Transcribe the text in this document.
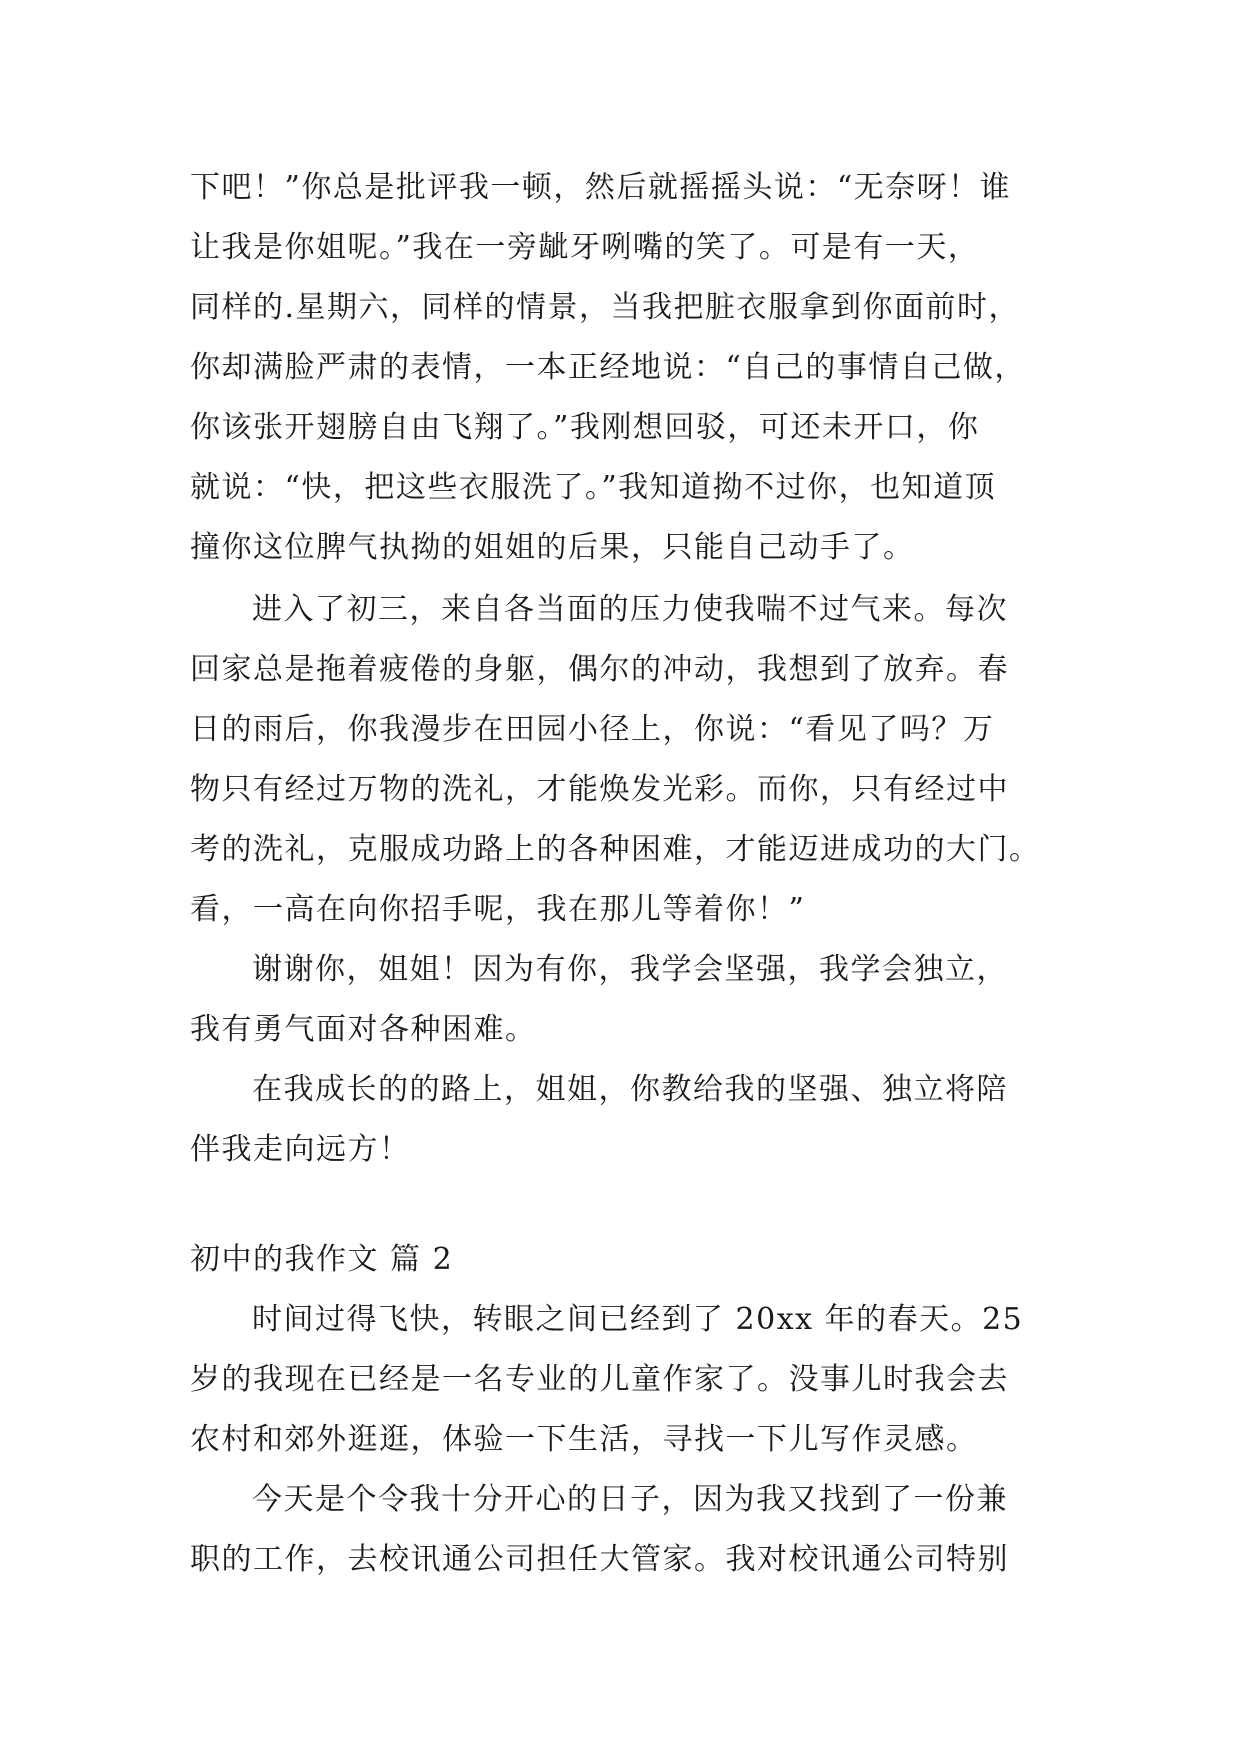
下吧！”你总是批评我一顿，然后就摇摇头说：“无奈呀！谁
让我是你姐呢。”我在一旁龇牙咧嘴的笑了。可是有一天，
同样的.星期六，同样的情景，当我把脏衣服拿到你面前时，
你却满脸严肃的表情，一本正经地说：“自己的事情自己做，
你该张开翅膀自由飞翔了。”我刚想回驳，可还未开口，你
就说：“快，把这些衣服洗了。”我知道拗不过你，也知道顶
撞你这位脾气执拗的姐姐的后果，只能自己动手了。
进入了初三，来自各当面的压力使我喘不过气来。每次
回家总是拖着疲倦的身躯，偶尔的冲动，我想到了放弃。春
日的雨后，你我漫步在田园小径上，你说：“看见了吗？万
物只有经过万物的洗礼，才能焕发光彩。而你，只有经过中
考的洗礼，克服成功路上的各种困难，才能迈进成功的大门。
看，一高在向你招手呢，我在那儿等着你！”
谢谢你，姐姐！因为有你，我学会坚强，我学会独立，
我有勇气面对各种困难。
在我成长的的路上，姐姐，你教给我的坚强、独立将陪
伴我走向远方！
初中的我作文 篇 2
时间过得飞快，转眼之间已经到了 20xx 年的春天。25
岁的我现在已经是一名专业的儿童作家了。没事儿时我会去
农村和郊外逛逛，体验一下生活，寻找一下儿写作灵感。
今天是个令我十分开心的日子，因为我又找到了一份兼
职的工作，去校讯通公司担任大管家。我对校讯通公司特别
